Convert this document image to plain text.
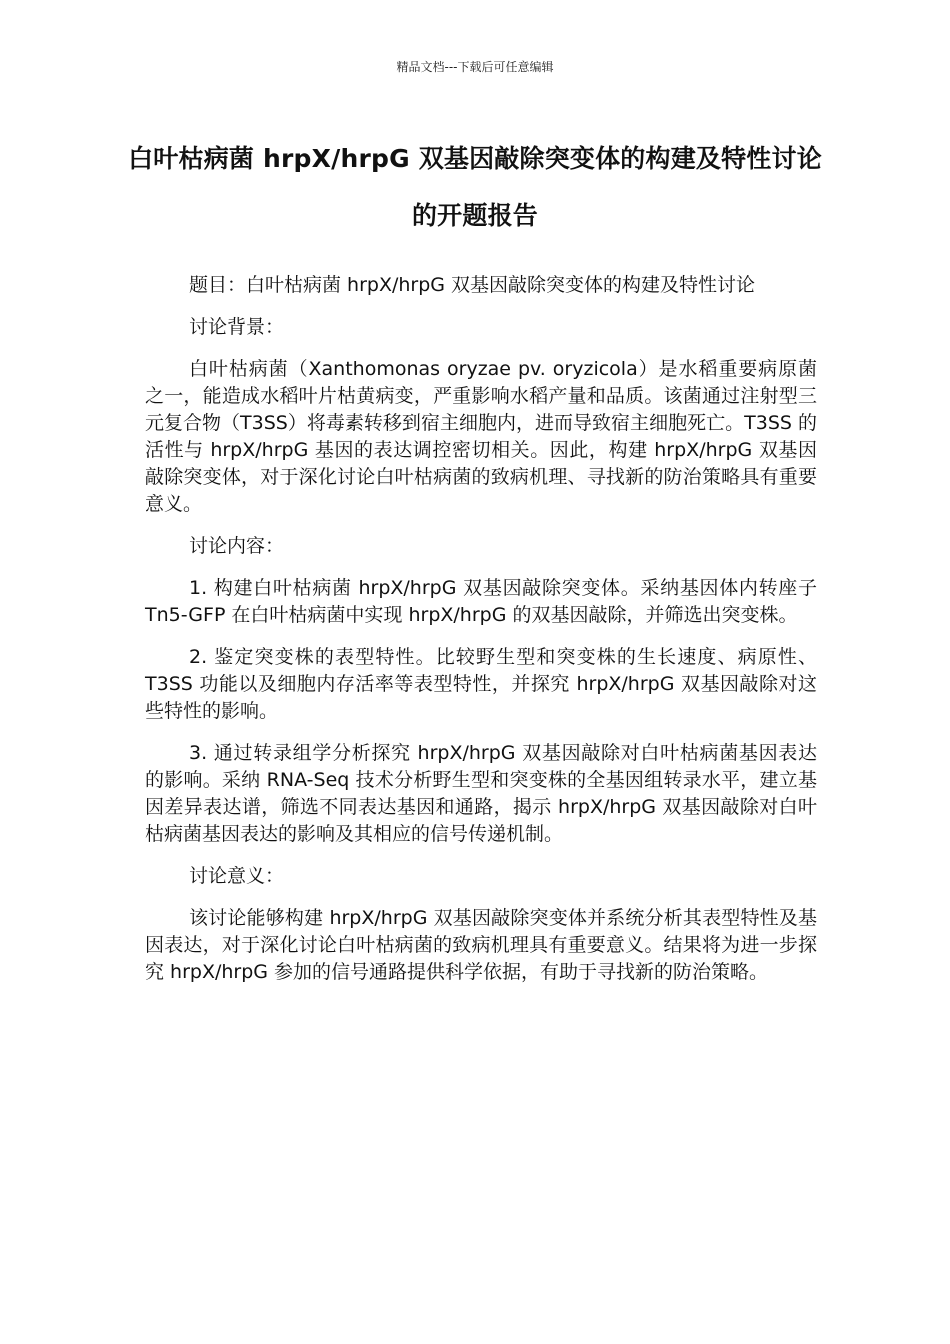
精品文档---下载后可任意编辑
白叶枯病菌 hrpX/hrpG 双基因敲除突变体的构建及特性讨论的开题报告

题目：白叶枯病菌 hrpX/hrpG 双基因敲除突变体的构建及特性讨论

讨论背景：

白叶枯病菌（Xanthomonas oryzae pv. oryzicola）是水稻重要病原菌之一，能造成水稻叶片枯黄病变，严重影响水稻产量和品质。该菌通过注射型三元复合物（T3SS）将毒素转移到宿主细胞内，进而导致宿主细胞死亡。T3SS 的活性与 hrpX/hrpG 基因的表达调控密切相关。因此，构建 hrpX/hrpG 双基因敲除突变体，对于深化讨论白叶枯病菌的致病机理、寻找新的防治策略具有重要意义。

讨论内容：

1. 构建白叶枯病菌 hrpX/hrpG 双基因敲除突变体。采纳基因体内转座子 Tn5-GFP 在白叶枯病菌中实现 hrpX/hrpG 的双基因敲除，并筛选出突变株。

2. 鉴定突变株的表型特性。比较野生型和突变株的生长速度、病原性、T3SS 功能以及细胞内存活率等表型特性，并探究 hrpX/hrpG 双基因敲除对这些特性的影响。

3. 通过转录组学分析探究 hrpX/hrpG 双基因敲除对白叶枯病菌基因表达的影响。采纳 RNA-Seq 技术分析野生型和突变株的全基因组转录水平，建立基因差异表达谱，筛选不同表达基因和通路，揭示 hrpX/hrpG 双基因敲除对白叶枯病菌基因表达的影响及其相应的信号传递机制。

讨论意义：

该讨论能够构建 hrpX/hrpG 双基因敲除突变体并系统分析其表型特性及基因表达，对于深化讨论白叶枯病菌的致病机理具有重要意义。结果将为进一步探究 hrpX/hrpG 参加的信号通路提供科学依据，有助于寻找新的防治策略。
